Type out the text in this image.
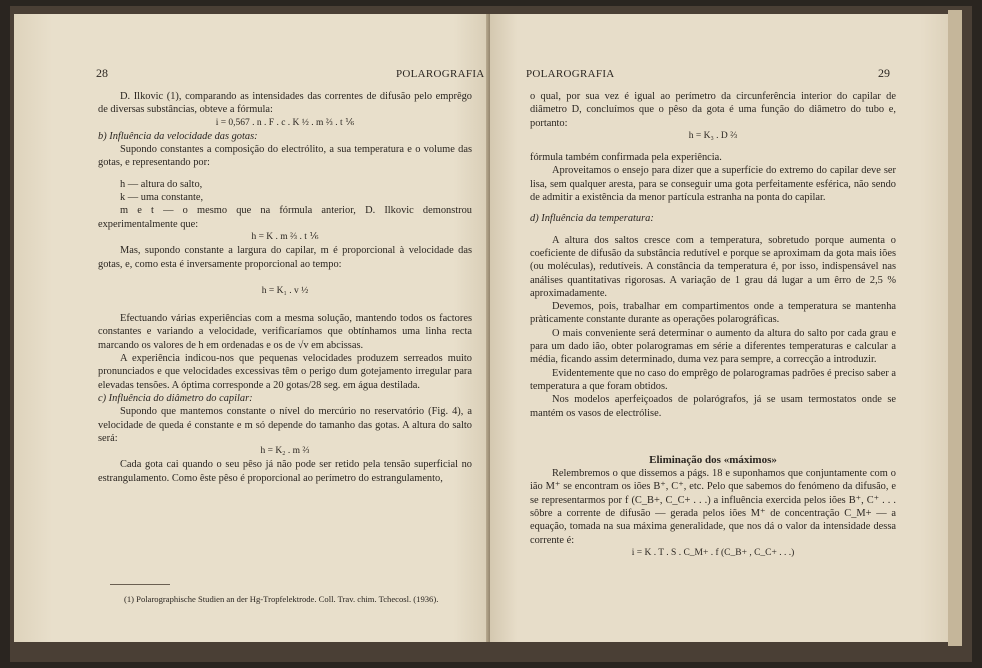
28	POLAROGRAFIA

D. Ilkovic (1), comparando as intensidades das correntes de difusão pelo emprêgo de diversas substâncias, obteve a fórmula:

i = 0,567 . n . F . c . K ½ . m ⅔ . t ⅙

b) Influência da velocidade das gotas:

Supondo constantes a composição do electrólito, a sua temperatura e o volume das gotas, e representando por:

h — altura do salto,

k — uma constante,

m e t — o mesmo que na fórmula anterior, D. Ilkovic demonstrou experimentalmente que:

h = K . m ⅔ . t ⅙

Mas, supondo constante a largura do capilar, m é proporcional à velocidade das gotas, e, como esta é inversamente proporcional ao tempo:

h = K₁ . v ½

Efectuando várias experiências com a mesma solução, mantendo todos os factores constantes e variando a velocidade, verificaríamos que obtínhamos uma linha recta marcando os valores de h em ordenadas e os de √v em abcissas.

A experiência indicou-nos que pequenas velocidades produzem serreados muito pronunciados e que velocidades excessivas têm o perigo dum gotejamento irregular para elevadas tensões. A óptima corresponde a 20 gotas/28 seg. em água destilada.

c) Influência do diâmetro do capilar:

Supondo que mantemos constante o nível do mercúrio no reservatório (Fig. 4), a velocidade de queda é constante e m só depende do tamanho das gotas. A altura do salto será:

h = K₂ . m ⅔

Cada gota cai quando o seu pêso já não pode ser retido pela tensão superficial no estrangulamento. Como êste pêso é proporcional ao perímetro do estrangulamento,

(1) Polarographische Studien an der Hg-Tropfelektrode. Coll. Trav. chim. Tchecosl. (1936).
POLAROGRAFIA	29

o qual, por sua vez é igual ao perímetro da circunferência interior do capilar de diâmetro D, concluímos que o pêso da gota é uma função do diâmetro do tubo e, portanto:

h = K₃ . D ⅔

fórmula também confirmada pela experiência.

Aproveitamos o ensejo para dizer que a superfície do extremo do capilar deve ser lisa, sem qualquer aresta, para se conseguir uma gota perfeitamente esférica, não sendo de admitir a existência da menor partícula estranha na ponta do capilar.

d) Influência da temperatura:

A altura dos saltos cresce com a temperatura, sobretudo porque aumenta o coeficiente de difusão da substância redutível e porque se aproximam da gota mais iões (ou moléculas), redutíveis. A constância da temperatura é, por isso, indispensável nas análises quantitativas rigorosas. A variação de 1 grau dá lugar a um êrro de 2,5 % aproximadamente.

Devemos, pois, trabalhar em compartimentos onde a temperatura se mantenha pràticamente constante durante as operações polarográficas.

O mais conveniente será determinar o aumento da altura do salto por cada grau e para um dado ião, obter polarogramas em série a diferentes temperaturas e calcular a média, ficando assim determinado, duma vez para sempre, a correcção a introduzir.

Evidentemente que no caso do emprêgo de polarogramas padrões é preciso saber a temperatura a que foram obtidos.

Nos modelos aperfeiçoados de polarógrafos, já se usam termostatos onde se mantém os vasos de electrólise.

Eliminação dos «máximos»

Relembremos o que dissemos a págs. 18 e suponhamos que conjuntamente com o ião M⁺ se encontram os iões B⁺, C⁺, etc. Pelo que sabemos do fenómeno da difusão, e se representarmos por f (C_B+, C_C+ . . .) a influência exercida pelos iões B⁺, C⁺ . . . sôbre a corrente de difusão — gerada pelos iões M⁺ de concentração C_M+ — a equação, tomada na sua máxima generalidade, que nos dá o valor da intensidade dessa corrente é:

i = K . T . S . C_M+ . f (C_B+ , C_C+ . . .)
